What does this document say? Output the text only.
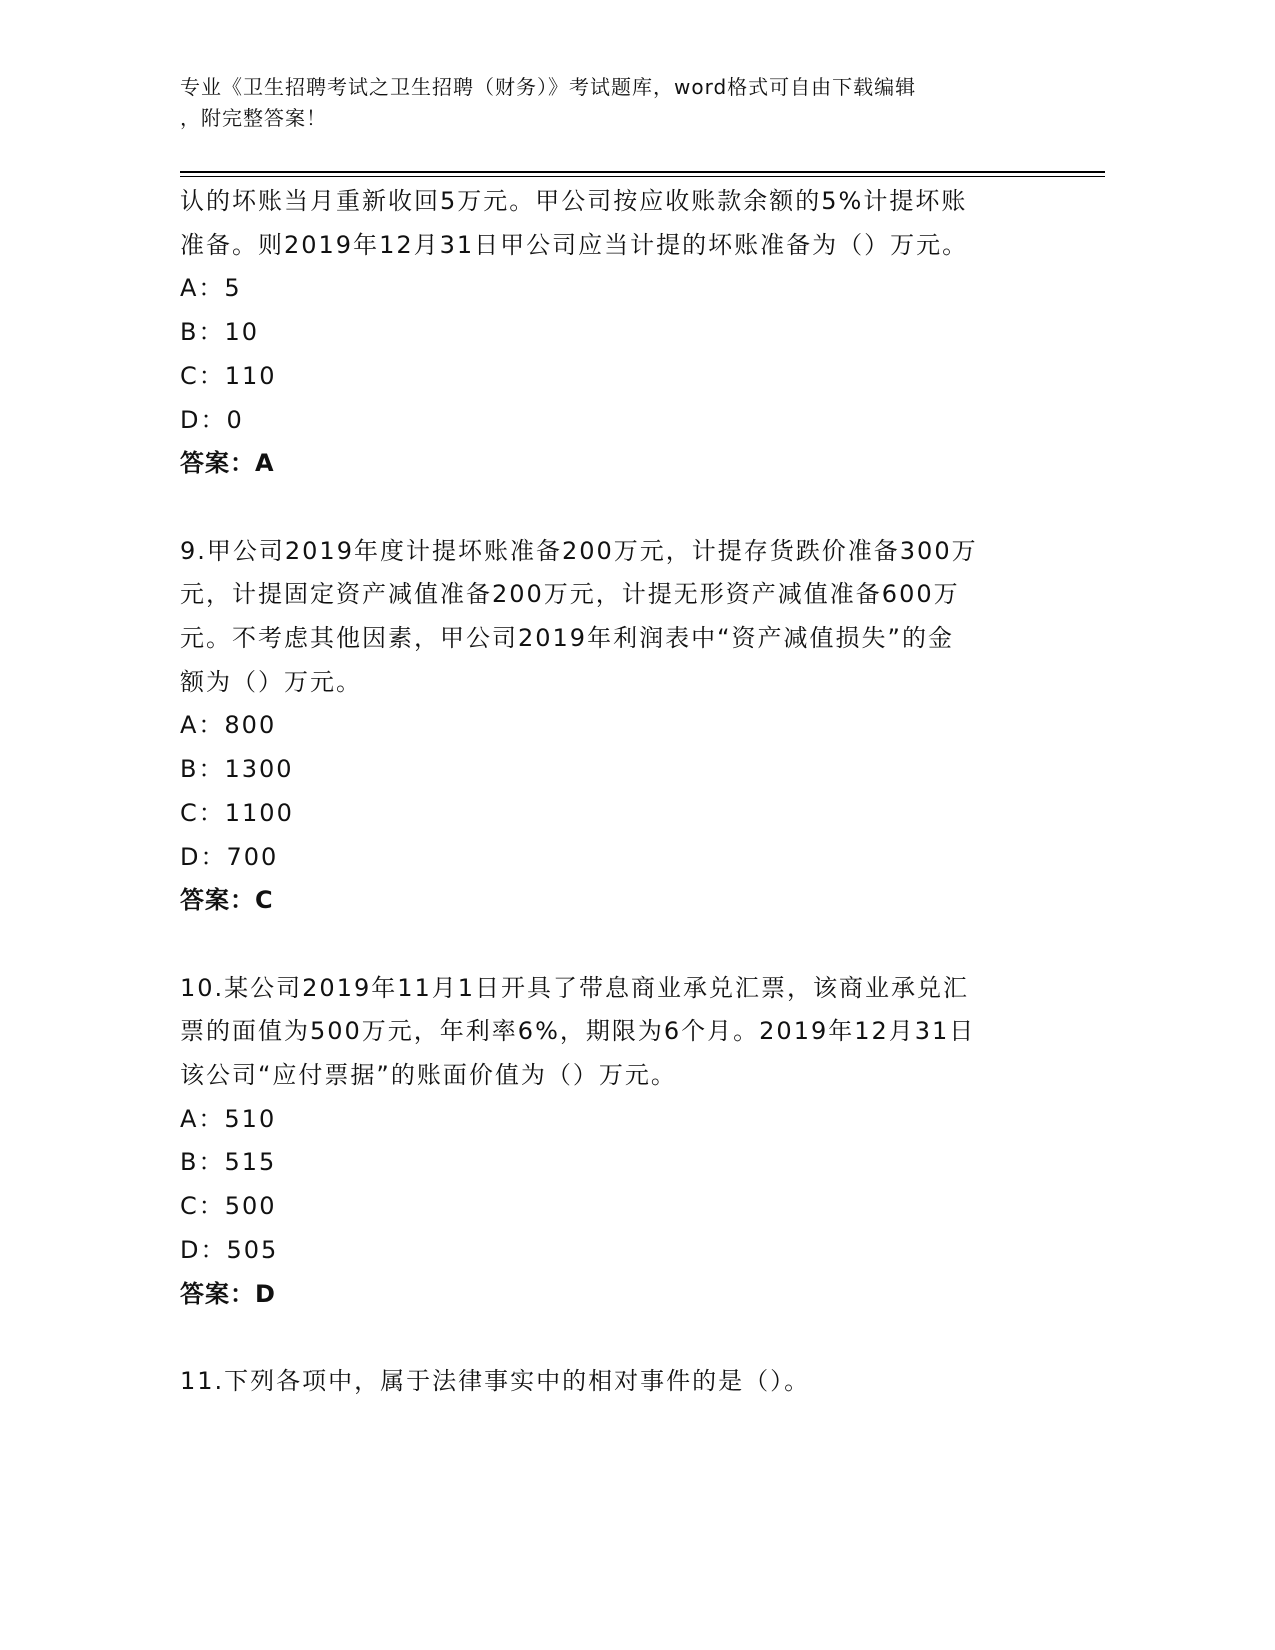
专业《卫生招聘考试之卫生招聘（财务）》考试题库，word格式可自由下载编辑
，附完整答案！

认的坏账当月重新收回5万元。甲公司按应收账款余额的5%计提坏账

准备。则2019年12月31日甲公司应当计提的坏账准备为（）万元。

A：5

B：10

C：110

D：0

答案：A

9.甲公司2019年度计提坏账准备200万元，计提存货跌价准备300万

元，计提固定资产减值准备200万元，计提无形资产减值准备600万

元。不考虑其他因素，甲公司2019年利润表中“资产减值损失”的金

额为（）万元。

A：800

B：1300

C：1100

D：700

答案：C

10.某公司2019年11月1日开具了带息商业承兑汇票，该商业承兑汇

票的面值为500万元，年利率6%，期限为6个月。2019年12月31日

该公司“应付票据”的账面价值为（）万元。

A：510

B：515

C：500

D：505

答案：D

11.下列各项中，属于法律事实中的相对事件的是（）。
